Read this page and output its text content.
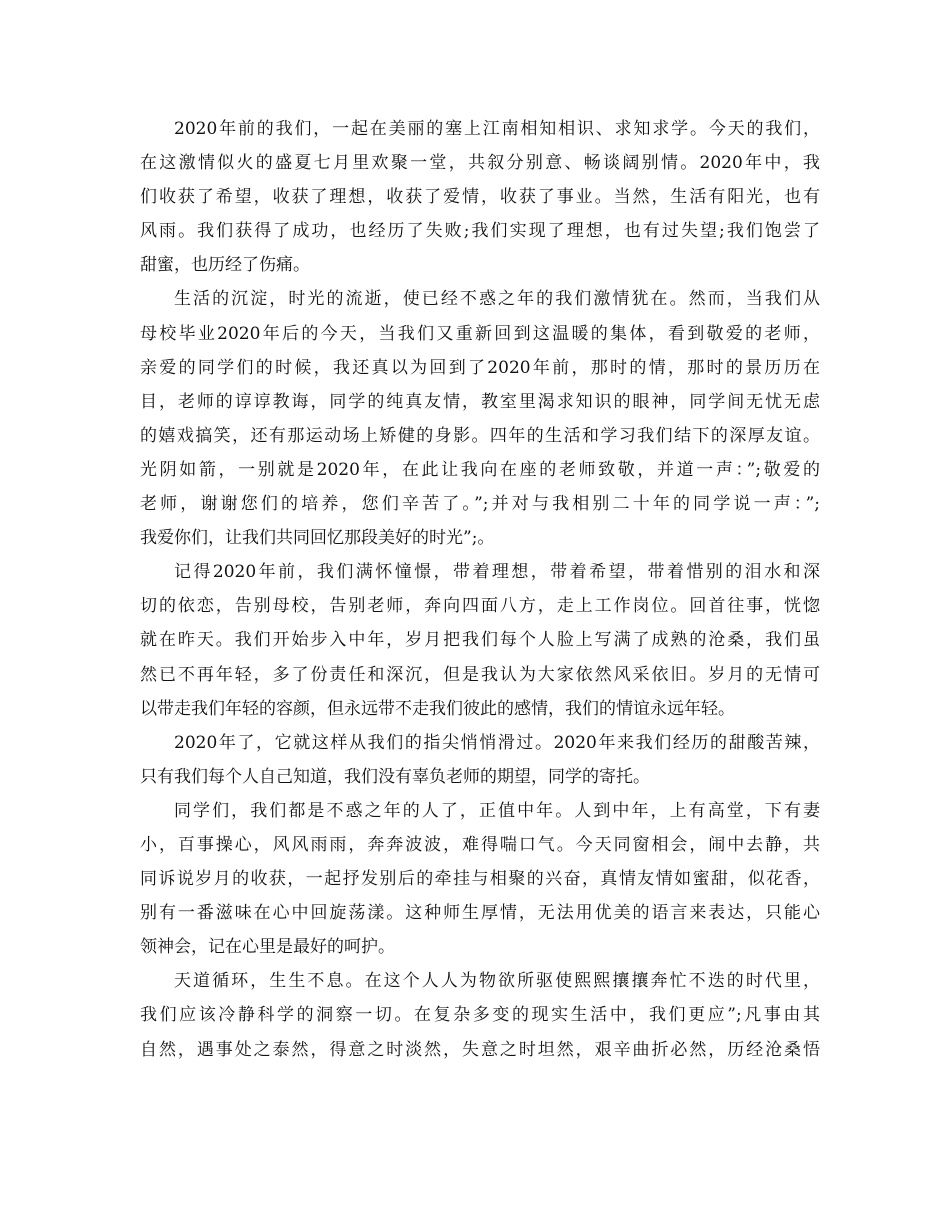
2020年前的我们，一起在美丽的塞上江南相知相识、求知求学。今天的我们，
在这激情似火的盛夏七月里欢聚一堂，共叙分别意、畅谈阔别情。2020年中，我
们收获了希望，收获了理想，收获了爱情，收获了事业。当然，生活有阳光，也有
风雨。我们获得了成功，也经历了失败;我们实现了理想，也有过失望;我们饱尝了
甜蜜，也历经了伤痛。
生活的沉淀，时光的流逝，使已经不惑之年的我们激情犹在。然而，当我们从
母校毕业2020年后的今天，当我们又重新回到这温暖的集体，看到敬爱的老师，
亲爱的同学们的时候，我还真以为回到了2020年前，那时的情，那时的景历历在
目，老师的谆谆教诲，同学的纯真友情，教室里渴求知识的眼神，同学间无忧无虑
的嬉戏搞笑，还有那运动场上矫健的身影。四年的生活和学习我们结下的深厚友谊。
光阴如箭，一别就是2020年，在此让我向在座的老师致敬，并道一声：”;敬爱的
老师，谢谢您们的培养，您们辛苦了。”;并对与我相别二十年的同学说一声：”;
我爱你们，让我们共同回忆那段美好的时光”;。
记得2020年前，我们满怀憧憬，带着理想，带着希望，带着惜别的泪水和深
切的依恋，告别母校，告别老师，奔向四面八方，走上工作岗位。回首往事，恍惚
就在昨天。我们开始步入中年，岁月把我们每个人脸上写满了成熟的沧桑，我们虽
然已不再年轻，多了份责任和深沉，但是我认为大家依然风采依旧。岁月的无情可
以带走我们年轻的容颜，但永远带不走我们彼此的感情，我们的情谊永远年轻。
2020年了，它就这样从我们的指尖悄悄滑过。2020年来我们经历的甜酸苦辣，
只有我们每个人自己知道，我们没有辜负老师的期望，同学的寄托。
同学们，我们都是不惑之年的人了，正值中年。人到中年，上有高堂，下有妻
小，百事操心，风风雨雨，奔奔波波，难得喘口气。今天同窗相会，闹中去静，共
同诉说岁月的收获，一起抒发别后的牵挂与相聚的兴奋，真情友情如蜜甜，似花香，
别有一番滋味在心中回旋荡漾。这种师生厚情，无法用优美的语言来表达，只能心
领神会，记在心里是最好的呵护。
天道循环，生生不息。在这个人人为物欲所驱使熙熙攘攘奔忙不迭的时代里，
我们应该冷静科学的洞察一切。在复杂多变的现实生活中，我们更应”;凡事由其
自然，遇事处之泰然，得意之时淡然，失意之时坦然，艰辛曲折必然，历经沧桑悟
